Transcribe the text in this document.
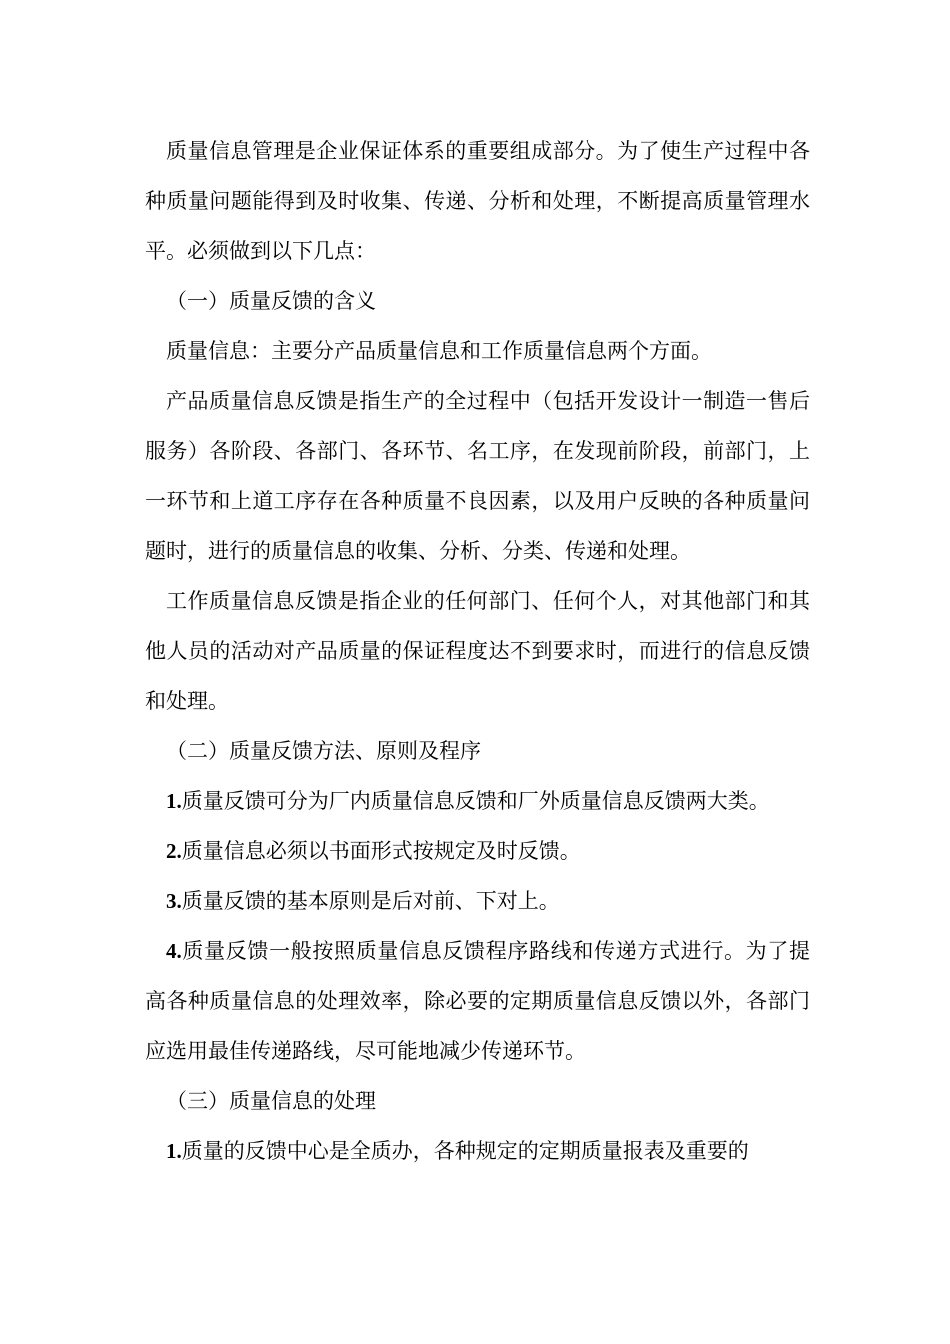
质量信息管理是企业保证体系的重要组成部分。为了使生产过程中各种质量问题能得到及时收集、传递、分析和处理，不断提高质量管理水平。必须做到以下几点：

（一）质量反馈的含义

质量信息：主要分产品质量信息和工作质量信息两个方面。

产品质量信息反馈是指生产的全过程中（包括开发设计一制造一售后服务）各阶段、各部门、各环节、名工序，在发现前阶段，前部门，上一环节和上道工序存在各种质量不良因素，以及用户反映的各种质量问题时，进行的质量信息的收集、分析、分类、传递和处理。

工作质量信息反馈是指企业的任何部门、任何个人，对其他部门和其他人员的活动对产品质量的保证程度达不到要求时，而进行的信息反馈和处理。

（二）质量反馈方法、原则及程序

1.质量反馈可分为厂内质量信息反馈和厂外质量信息反馈两大类。

2.质量信息必须以书面形式按规定及时反馈。

3.质量反馈的基本原则是后对前、下对上。

4.质量反馈一般按照质量信息反馈程序路线和传递方式进行。为了提高各种质量信息的处理效率，除必要的定期质量信息反馈以外，各部门应选用最佳传递路线，尽可能地减少传递环节。

（三）质量信息的处理

1.质量的反馈中心是全质办，各种规定的定期质量报表及重要的
